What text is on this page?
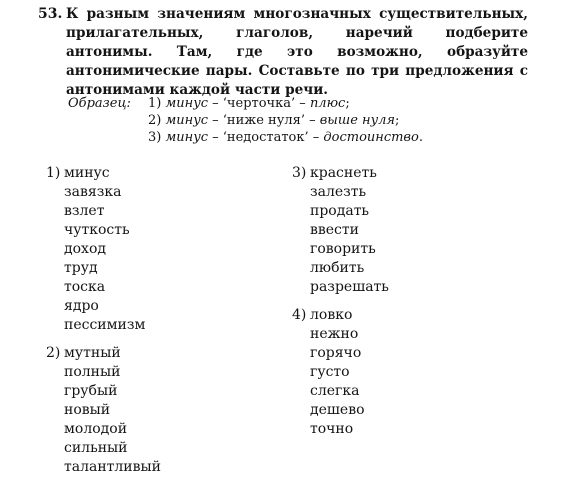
53. К разным значениям многозначных существительных, прилагательных, глаголов, наречий подберите антонимы. Там, где это возможно, образуйте антонимические пары. Составьте по три предложения с антонимами каждой части речи.
Образец: 1) минус – ‘черточка’ – плюс;
2) минус – ‘ниже нуля’ – выше нуля;
3) минус – ‘недостаток’ – достоинство.
1) минус
завязка
взлет
чуткость
доход
труд
тоска
ядро
пессимизм
2) мутный
полный
грубый
новый
молодой
сильный
талантливый
3) краснеть
залезть
продать
ввести
говорить
любить
разрешать
4) ловко
нежно
горячо
густо
слегка
дешево
точно
